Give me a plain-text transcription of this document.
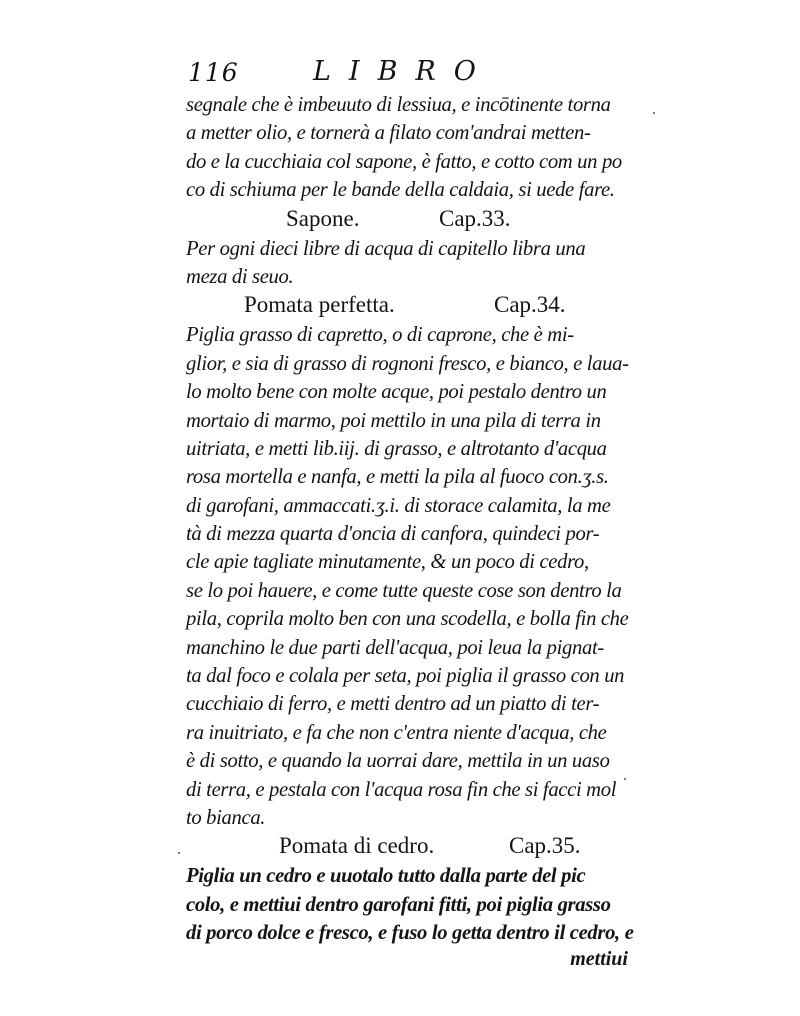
116	LIBRO
segnale che è imbeuuto di lessiua, e incōtinente torna
a metter olio, e tornerà a filato com'andrai metten-
do e la cucchiaia col sapone, è fatto, e cotto com un po
co di schiuma per le bande della caldaia, si uede fare.
Sapone.	Cap.33.
Per ogni dieci libre di acqua di capitello libra una
meza di seuo.
Pomata perfetta.	Cap.34.
Piglia grasso di capretto, o di caprone, che è mi-
glior, e sia di grasso di rognoni fresco, e bianco, e laua-
lo molto bene con molte acque, poi pestalo dentro un
mortaio di marmo, poi mettilo in una pila di terra in
uitriata, e metti lib.iij. di grasso, e altrotanto d'acqua
rosa mortella e nanfa, e metti la pila al fuoco con.ʒ.s.
di garofani, ammaccati.ʒ.i. di storace calamita, la me
tà di mezza quarta d'oncia di canfora, quindeci por-
cle apie tagliate minutamente, & un poco di cedro,
se lo poi hauere, e come tutte queste cose son dentro la
pila, coprila molto ben con una scodella, e bolla fin che
manchino le due parti dell'acqua, poi leua la pignat-
ta dal foco e colala per seta, poi piglia il grasso con un
cucchiaio di ferro, e metti dentro ad un piatto di ter-
ra inuitriato, e fa che non c'entra niente d'acqua, che
è di sotto, e quando la uorrai dare, mettila in un uaso
di terra, e pestala con l'acqua rosa fin che si facci mol
to bianca.
Pomata di cedro.	Cap.35.
Piglia un cedro e uuotalo tutto dalla parte del pic
colo, e mettiui dentro garofani fitti, poi piglia grasso
di porco dolce e fresco, e fuso lo getta dentro il cedro, e
mettiui
